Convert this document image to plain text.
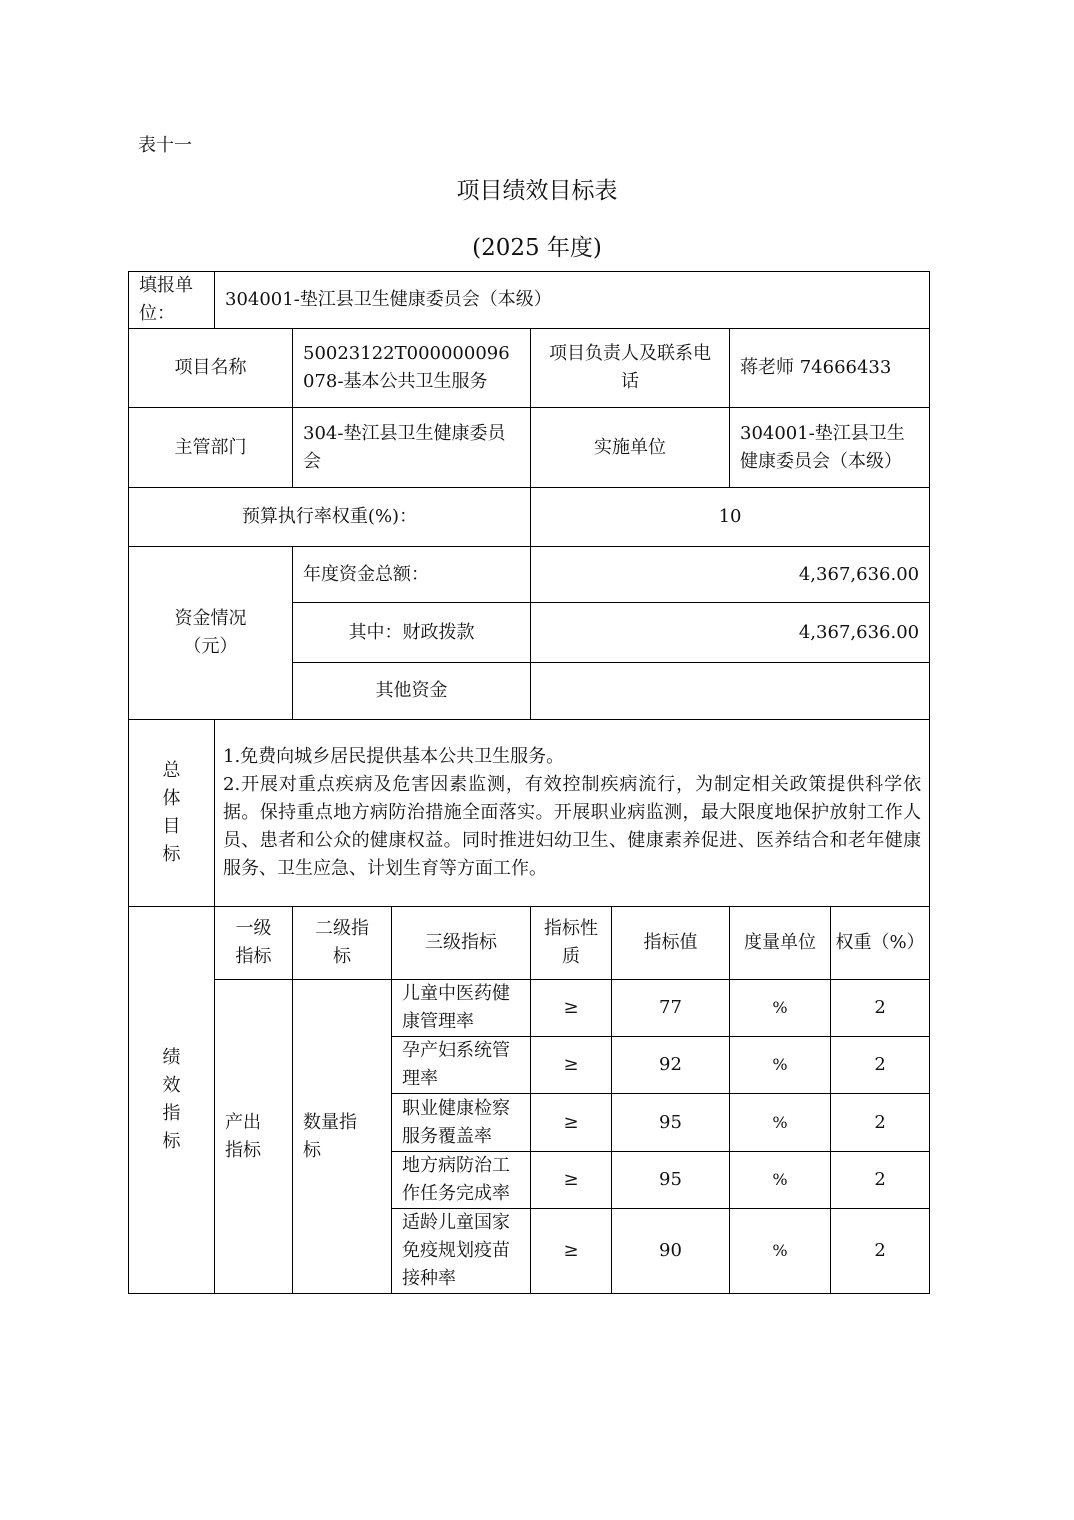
表十一
项目绩效目标表
(2025 年度)
填报单位：	304001-垫江县卫生健康委员会（本级）						
项目名称		50023122T000000096078-基本公共卫生服务		项目负责人及联系电话		蒋老师 74666433	
主管部门		304-垫江县卫生健康委员会		实施单位		304001-垫江县卫生健康委员会（本级）	
预算执行率权重(%)：				10			
资金情况（元）		年度资金总额：		4,367,636.00			
		其中：财政拨款		4,367,636.00			
		其他资金					
总体目标	1.免费向城乡居民提供基本公共卫生服务。
2.开展对重点疾病及危害因素监测，有效控制疾病流行，为制定相关政策提供科学依据。保持重点地方病防治措施全面落实。开展职业病监测，最大限度地保护放射工作人员、患者和公众的健康权益。同时推进妇幼卫生、健康素养促进、医养结合和老年健康服务、卫生应急、计划生育等方面工作。						

绩效指标	一级指标	二级指标	三级指标	指标性质	指标值	度量单位	权重（%）
	产出指标	数量指标	儿童中医药健康管理率	≥	77	%	2
			孕产妇系统管理率	≥	92	%	2
			职业健康检察服务覆盖率	≥	95	%	2
			地方病防治工作任务完成率	≥	95	%	2
			适龄儿童国家免疫规划疫苗接种率	≥	90	%	2
